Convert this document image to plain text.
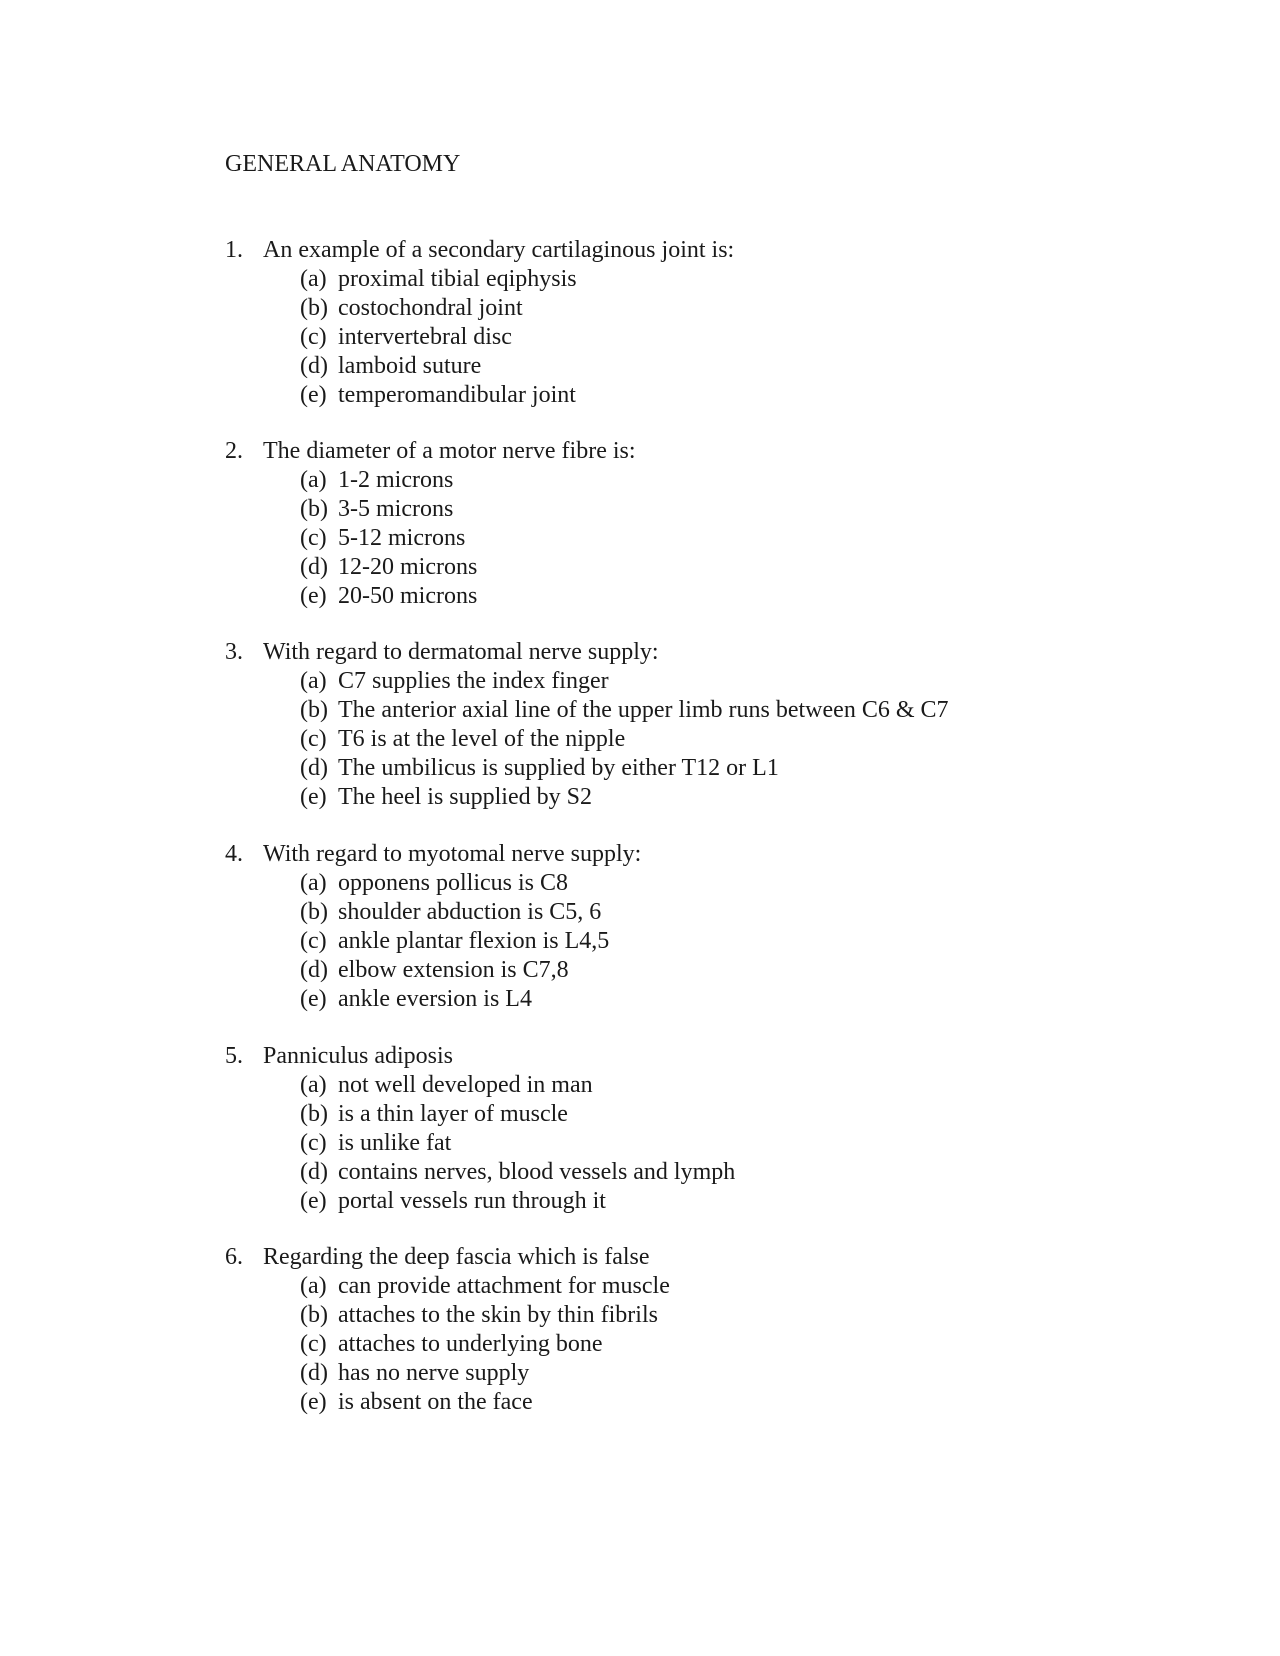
GENERAL ANATOMY
1. An example of a secondary cartilaginous joint is:
(a) proximal tibial eqiphysis
(b) costochondral joint
(c) intervertebral disc
(d) lamboid suture
(e) temperomandibular joint
2. The diameter of a motor nerve fibre is:
(a) 1-2 microns
(b) 3-5 microns
(c) 5-12 microns
(d) 12-20 microns
(e) 20-50 microns
3. With regard to dermatomal nerve supply:
(a) C7 supplies the index finger
(b) The anterior axial line of the upper limb runs between C6 & C7
(c) T6 is at the level of the nipple
(d) The umbilicus is supplied by either T12 or L1
(e) The heel is supplied by S2
4. With regard to myotomal nerve supply:
(a) opponens pollicus is C8
(b) shoulder abduction is C5, 6
(c) ankle plantar flexion is L4,5
(d) elbow extension is C7,8
(e) ankle eversion is L4
5. Panniculus adiposis
(a) not well developed in man
(b) is a thin layer of muscle
(c) is unlike fat
(d) contains nerves, blood vessels and lymph
(e) portal vessels run through it
6. Regarding the deep fascia which is false
(a) can provide attachment for muscle
(b) attaches to the skin by thin fibrils
(c) attaches to underlying bone
(d) has no nerve supply
(e) is absent on the face
